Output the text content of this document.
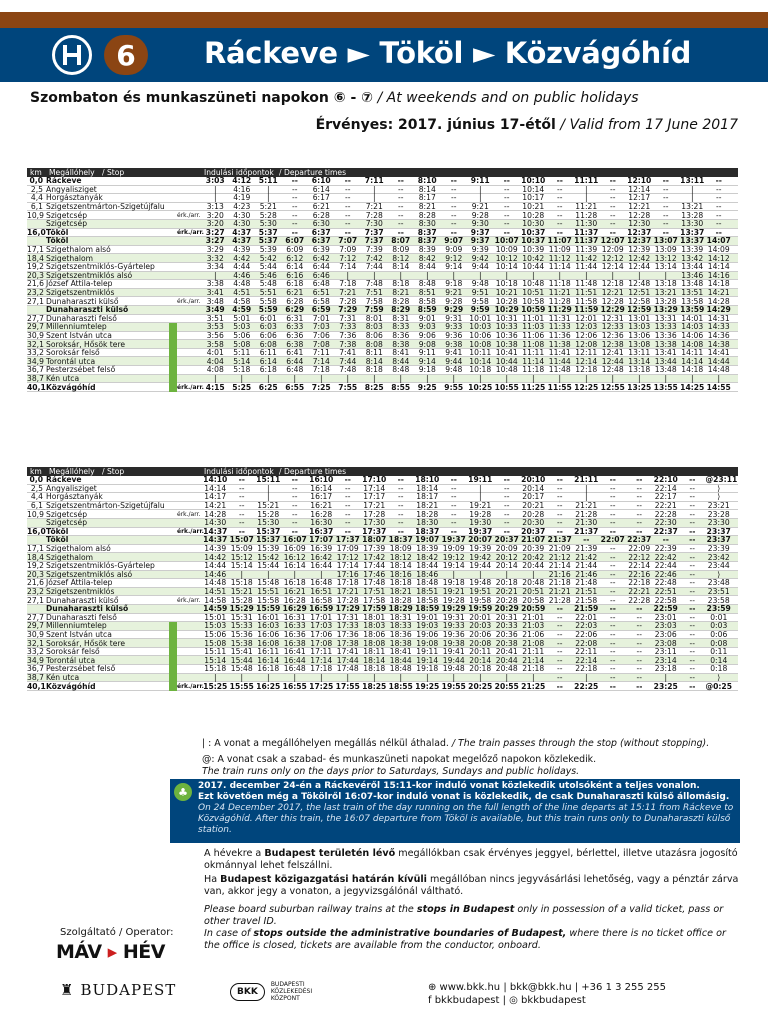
6	Ráckeve ► Tököl ► Közvágóhíd
Szombaton és munkaszüneti napokon ⑥ - ⑦ / At weekends and on public holidays
Érvényes: 2017. június 17-étől / Valid from 17 June 2017
km Megállóhely / Stop	Indulási időpontok / Departure times
0,0 Ráckeve	3:03	4:12	5:11	--	6:10	--	7:11	--	8:10	--	9:11	--	10:10	--	11:11	--	12:10	--	13:11	--
2,5 Angyalisziget	|	4:16	|	--	6:14	--	|	--	8:14	--	|	--	10:14	--	|	--	12:14	--	|	--
4,4 Horgásztanyák	|	4:19	|	--	6:17	--	|	--	8:17	--	|	--	10:17	--	|	--	12:17	--	|	--
6,1 Szigetszentmárton-Szigetújfalu	3:13	4:23	5:21	--	6:21	--	7:21	--	8:21	--	9:21	--	10:21	--	11:21	--	12:21	--	13:21	--
10,9 Szigetcsép	érk./arr. 3:20	4:30	5:28	--	6:28	--	7:28	--	8:28	--	9:28	--	10:28	--	11:28	--	12:28	--	13:28	--
Szigetcsép	3:20	4:30	5:30	--	6:30	--	7:30	--	8:30	--	9:30	--	10:30	--	11:30	--	12:30	--	13:30	--
16,0 Tököl	érk./arr. 3:27	4:37	5:37	--	6:37	--	7:37	--	8:37	--	9:37	--	10:37	--	11:37	--	12:37	--	13:37	--
Tököl	3:27	4:37	5:37	6:07	6:37	7:07	7:37	8:07	8:37	9:07	9:37 10:07 10:37 11:07 11:37 12:07 12:37 13:07 13:37 14:07
17,1 Szigethalom alsó	3:29	4:39	5:39	6:09	6:39	7:09	7:39	8:09	8:39	9:09	9:39 10:09 10:39 11:09 11:39 12:09 12:39 13:09 13:39 14:09
18,4 Szigethalom	3:32	4:42	5:42	6:12	6:42	7:12	7:42	8:12	8:42	9:12	9:42 10:12 10:42 11:12 11:42 12:12 12:42 13:12 13:42 14:12
19,2 Szigetszentmiklós-Gyártelep	3:34	4:44	5:44	6:14	6:44	7:14	7:44	8:14	8:44	9:14	9:44 10:14 10:44 11:14 11:44 12:14 12:44 13:14 13:44 14:14
20,3 Szigetszentmiklós alsó	|	4:46	5:46	6:16	6:46	|	|	|	|	|	|	|	|	|	|	|	|	|	13:46 14:16
21,6 József Attila-telep	3:38	4:48	5:48	6:18	6:48	7:18	7:48	8:18	8:48	9:18	9:48 10:18 10:48 11:18 11:48 12:18 12:48 13:18 13:48 14:18
23,2 Szigetszentmiklós	3:41	4:51	5:51	6:21	6:51	7:21	7:51	8:21	8:51	9:21	9:51 10:21 10:51 11:21 11:51 12:21 12:51 13:21 13:51 14:21
27,1 Dunaharaszti külső	érk./arr. 3:48	4:58	5:58	6:28	6:58	7:28	7:58	8:28	8:58	9:28	9:58 10:28 10:58 11:28 11:58 12:28 12:58 13:28 13:58 14:28
Dunaharaszti külső	3:49	4:59	5:59	6:29	6:59	7:29	7:59	8:29	8:59	9:29	9:59 10:29 10:59 11:29 11:59 12:29 12:59 13:29 13:59 14:29
27,7 Dunaharaszti felső	3:51	5:01	6:01	6:31	7:01	7:31	8:01	8:31	9:01	9:31 10:01 10:31 11:01 11:31 12:01 12:31 13:01 13:31 14:01 14:31
29,7 Millenniumtelep	3:53	5:03	6:03	6:33	7:03	7:33	8:03	8:33	9:03	9:33 10:03 10:33 11:03 11:33 12:03 12:33 13:03 13:33 14:03 14:33
30,9 Szent István utca	3:56	5:06	6:06	6:36	7:06	7:36	8:06	8:36	9:06	9:36 10:06 10:36 11:06 11:36 12:06 12:36 13:06 13:36 14:06 14:36
32,1 Soroksár, Hősök tere	3:58	5:08	6:08	6:38	7:08	7:38	8:08	8:38	9:08	9:38 10:08 10:38 11:08 11:38 12:08 12:38 13:08 13:38 14:08 14:38
33,2 Soroksár felső	4:01	5:11	6:11	6:41	7:11	7:41	8:11	8:41	9:11	9:41 10:11 10:41 11:11 11:41 12:11 12:41 13:11 13:41 14:11 14:41
34,9 Torontál utca	4:04	5:14	6:14	6:44	7:14	7:44	8:14	8:44	9:14	9:44 10:14 10:44 11:14 11:44 12:14 12:44 13:14 13:44 14:14 14:44
36,7 Pesterzsébet felső	4:08	5:18	6:18	6:48	7:18	7:48	8:18	8:48	9:18	9:48 10:18 10:48 11:18 11:48 12:18 12:48 13:18 13:48 14:18 14:48
38,7 Kén utca	|	|	|	|	|	|	|	|	|	|	|	|	|	|	|	|	|	|	|	|
40,1 Közvágóhíd	érk./arr. 4:15	5:25	6:25	6:55	7:25	7:55	8:25	8:55	9:25	9:55 10:25 10:55 11:25 11:55 12:25 12:55 13:25 13:55 14:25 14:55
km Megállóhely / Stop	Indulási időpontok / Departure times
0,0 Ráckeve	14:10	--	15:11	--	16:10	--	17:10	--	18:10	--	19:11	--	20:10	--	21:11	--	--	22:10	--	@23:11
2,5 Angyalisziget	14:14	--	|	--	16:14	--	17:14	--	18:14	--	|	--	20:14	--	|	--	--	22:14	--	⟩
4,4 Horgásztanyák	14:17	--	|	--	16:17	--	17:17	--	18:17	--	|	--	20:17	--	|	--	--	22:17	--	⟩
6,1 Szigetszentmárton-Szigetújfalu	14:21	--	15:21	--	16:21	--	17:21	--	18:21	--	19:21	--	20:21	--	21:21	--	--	22:21	--	23:21
10,9 Szigetcsép	érk./arr. 14:28	--	15:28	--	16:28	--	17:28	--	18:28	--	19:28	--	20:28	--	21:28	--	--	22:28	--	23:28
Szigetcsép	14:30	--	15:30	--	16:30	--	17:30	--	18:30	--	19:30	--	20:30	--	21:30	--	--	22:30	--	23:30
16,0 Tököl	érk./arr. 14:37	--	15:37	--	16:37	--	17:37	--	18:37	--	19:37	--	20:37	--	21:37	--	--	22:37	--	23:37
Tököl	14:37 15:07 15:37 16:07 17:07 17:37 18:07 18:37 19:07 19:37 20:07 20:37 21:07 21:37	--	22:07 22:37	--	--	23:37
17,1 Szigethalom alsó	14:39 15:09 15:39 16:09 16:39 17:09 17:39 18:09 18:39 19:09 19:39 20:09 20:39 21:09 21:39	--	22:09 22:39	--	23:39
18,4 Szigethalom	14:42 15:12 15:42 16:12 16:42 17:12 17:42 18:12 18:42 19:12 19:42 20:12 20:42 21:12 21:42	--	22:12 22:42	--	23:42
19,2 Szigetszentmiklós-Gyártelep	14:44 15:14 15:44 16:14 16:44 17:14 17:44 18:14 18:44 19:14 19:44 20:14 20:44 21:14 21:44	--	22:14 22:44	--	23:44
20,3 Szigetszentmiklós alsó	14:46	|	|	|	|	17:16 17:46 18:16 18:46	|	|	|	|	21:16 21:46	--	22:16 22:46	--	⟩
21,6 József Attila-telep	14:48 15:18 15:48 16:18 16:48 17:18 17:48 18:18 18:48 19:18 19:48 20:18 20:48 21:18 21:48	--	22:18 22:48	--	23:48
23,2 Szigetszentmiklós	14:51 15:21 15:51 16:21 16:51 17:21 17:51 18:21 18:51 19:21 19:51 20:21 20:51 21:21 21:51	--	22:21 22:51	--	23:51
27,1 Dunaharaszti külső	érk./arr. 14:58 15:28 15:58 16:28 16:58 17:28 17:58 18:28 18:58 19:28 19:58 20:28 20:58 21:28 21:58	--	22:28 22:58	--	23:58
Dunaharaszti külső	14:59 15:29 15:59 16:29 16:59 17:29 17:59 18:29 18:59 19:29 19:59 20:29 20:59	--	21:59	--	--	22:59	--	23:59
27,7 Dunaharaszti felső	15:01 15:31 16:01 16:31 17:01 17:31 18:01 18:31 19:01 19:31 20:01 20:31 21:01	--	22:01	--	--	23:01	--	0:01
29,7 Millenniumtelep	15:03 15:33 16:03 16:33 17:03 17:33 18:03 18:33 19:03 19:33 20:03 20:33 21:03	--	22:03	--	--	23:03	--	0:03
30,9 Szent István utca	15:06 15:36 16:06 16:36 17:06 17:36 18:06 18:36 19:06 19:36 20:06 20:36 21:06	--	22:06	--	--	23:06	--	0:06
32,1 Soroksár, Hősök tere	15:08 15:38 16:08 16:38 17:08 17:38 18:08 18:38 19:08 19:38 20:08 20:38 21:08	--	22:08	--	--	23:08	--	0:08
33,2 Soroksár felső	15:11 15:41 16:11 16:41 17:11 17:41 18:11 18:41 19:11 19:41 20:11 20:41 21:11	--	22:11	--	--	23:11	--	0:11
34,9 Torontál utca	15:14 15:44 16:14 16:44 17:14 17:44 18:14 18:44 19:14 19:44 20:14 20:44 21:14	--	22:14	--	--	23:14	--	0:14
36,7 Pesterzsébet felső	15:18 15:48 16:18 16:48 17:18 17:48 18:18 18:48 19:18 19:48 20:18 20:48 21:18	--	22:18	--	--	23:18	--	0:18
38,7 Kén utca	|	|	|	|	|	|	|	|	|	|	|	|	|	--	|	--	--	|	--	⟩
40,1 Közvágóhíd	érk./arr. 15:25 15:55 16:25 16:55 17:25 17:55 18:25 18:55 19:25 19:55 20:25 20:55 21:25	--	22:25	--	--	23:25	--	@0:25
| : A vonat a megállóhelyen megállás nélkül áthalad. / The train passes through the stop (without stopping).
@: A vonat csak a szabad- és munkaszüneti napokat megelőző napokon közlekedik.
The train runs only on the days prior to Saturdays, Sundays and public holidays.
♣	2017. december 24-én a Ráckevéről 15:11-kor induló vonat közlekedik utolsóként a teljes vonalon.
Ezt követően még a Tökölről 16:07-kor induló vonat is közlekedik, de csak Dunaharaszti külső állomásig.
On 24 December 2017, the last train of the day running on the full length of the line departs at 15:11 from Ráckeve to Közvágóhíd. After this train, the 16:07 departure from Tököl is available, but this train runs only to Dunaharaszti külső station.
A hévekre a Budapest területén lévő megállókban csak érvényes jeggyel, bérlettel, illetve utazásra jogosító okmánnyal lehet felszállni.
Ha Budapest közigazgatási határán kívüli megállóban nincs jegyvásárlási lehetőség, vagy a pénztár zárva van, akkor jegy a vonaton, a jegyvizsgálónál váltható.
Please board suburban railway trains at the stops in Budapest only in possession of a valid ticket, pass or other travel ID.
In case of stops outside the administrative boundaries of Budapest, where there is no ticket office or the office is closed, tickets are available from the conductor, onboard.
Szolgáltató / Operator:
MÁV ▸ HÉV
♜ BUDAPEST	BKK
BUDAPESTI
KÖZLEKEDÉSI
KÖZPONT
⊕ www.bkk.hu | bkk@bkk.hu | +36 1 3 255 255
f bkkbudapest | ◎ bkkbudapest
